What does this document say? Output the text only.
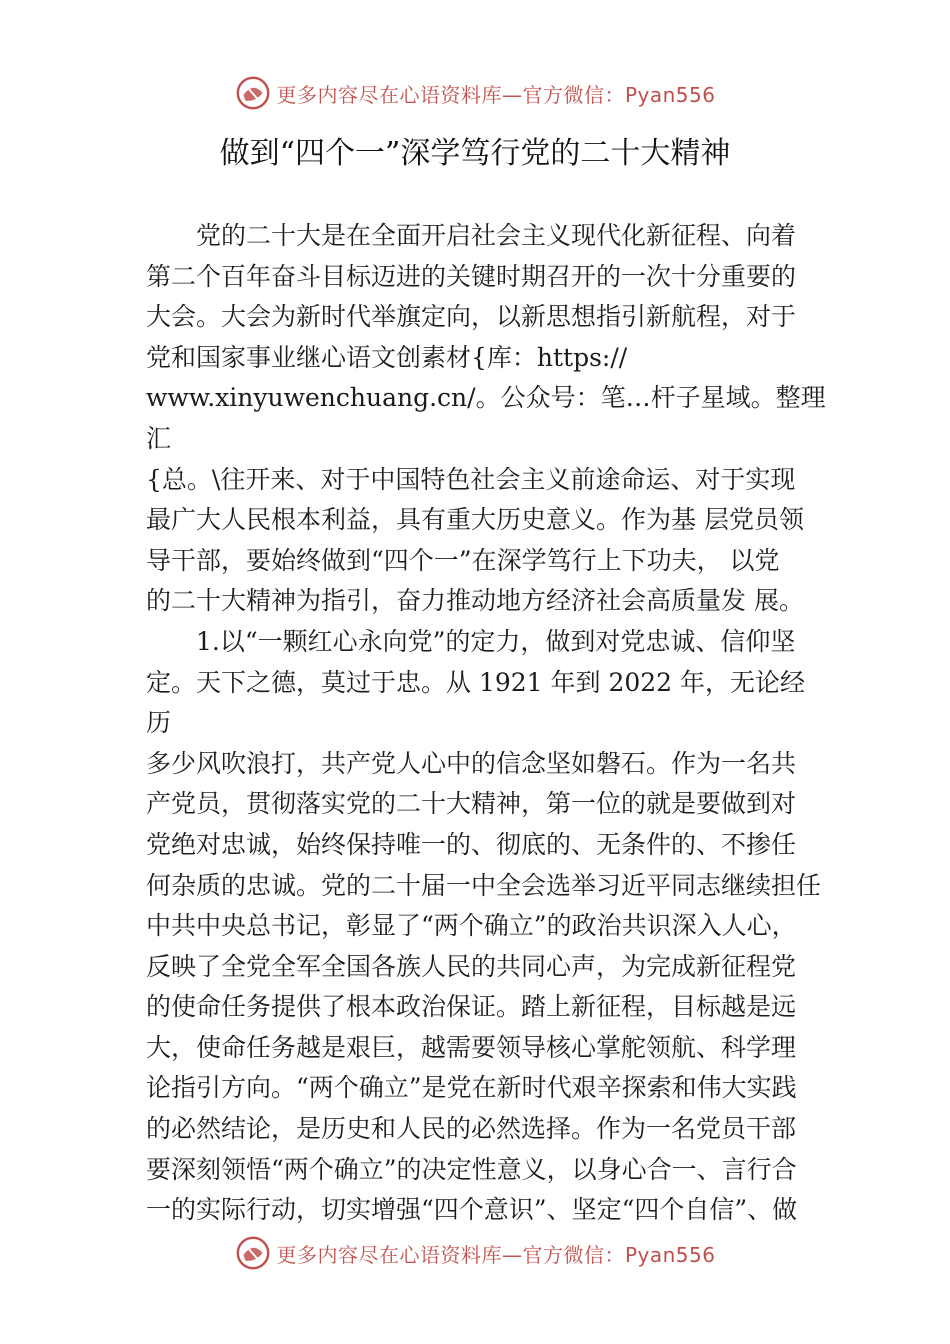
更多内容尽在心语资料库—官方微信：Pyan556
做到“四个一”深学笃行党的二十大精神

党的二十大是在全面开启社会主义现代化新征程、向着
第二个百年奋斗目标迈进的关键时期召开的一次十分重要的
大会。大会为新时代举旗定向，以新思想指引新航程，对于
党和国家事业继心语文创素材{库：https://
www.xinyuwenchuang.cn/。公众号：笔…杆子星域。整理汇
{总。\往开来、对于中国特色社会主义前途命运、对于实现
最广大人民根本利益，具有重大历史意义。作为基 层党员领
导干部，要始终做到“四个一”在深学笃行上下功夫， 以党
的二十大精神为指引，奋力推动地方经济社会高质量发 展。

1.以“一颗红心永向党”的定力，做到对党忠诚、信仰坚
定。天下之德，莫过于忠。从 1921 年到 2022 年，无论经历
多少风吹浪打，共产党人心中的信念坚如磐石。作为一名共
产党员，贯彻落实党的二十大精神，第一位的就是要做到对
党绝对忠诚，始终保持唯一的、彻底的、无条件的、不掺任
何杂质的忠诚。党的二十届一中全会选举习近平同志继续担任
中共中央总书记，彰显了“两个确立”的政治共识深入人心，
反映了全党全军全国各族人民的共同心声，为完成新征程党
的使命任务提供了根本政治保证。踏上新征程，目标越是远
大，使命任务越是艰巨，越需要领导核心掌舵领航、科学理
论指引方向。“两个确立”是党在新时代艰辛探索和伟大实践
的必然结论，是历史和人民的必然选择。作为一名党员干部
要深刻领悟“两个确立”的决定性意义，以身心合一、言行合
一的实际行动，切实增强“四个意识”、坚定“四个自信”、做

更多内容尽在心语资料库—官方微信：Pyan556
